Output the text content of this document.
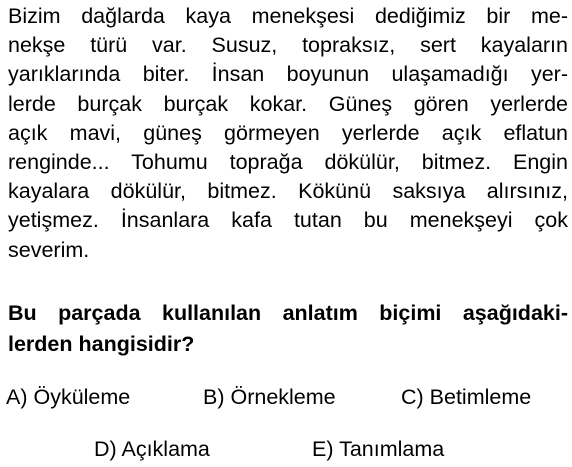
Bizim dağlarda kaya menekşesi dediğimiz bir me-
nekşe türü var. Susuz, topraksız, sert kayaların
yarıklarında biter. İnsan boyunun ulaşamadığı yer-
lerde burçak burçak kokar. Güneş gören yerlerde
açık mavi, güneş görmeyen yerlerde açık eflatun
renginde... Tohumu toprağa dökülür, bitmez. Engin
kayalara dökülür, bitmez. Kökünü saksıya alırsınız,
yetişmez. İnsanlara kafa tutan bu menekşeyi çok
severim.
Bu parçada kullanılan anlatım biçimi aşağıdaki-
lerden hangisidir?
A) Öyküleme	B) Örnekleme	C) Betimleme
D) Açıklama	E) Tanımlama
